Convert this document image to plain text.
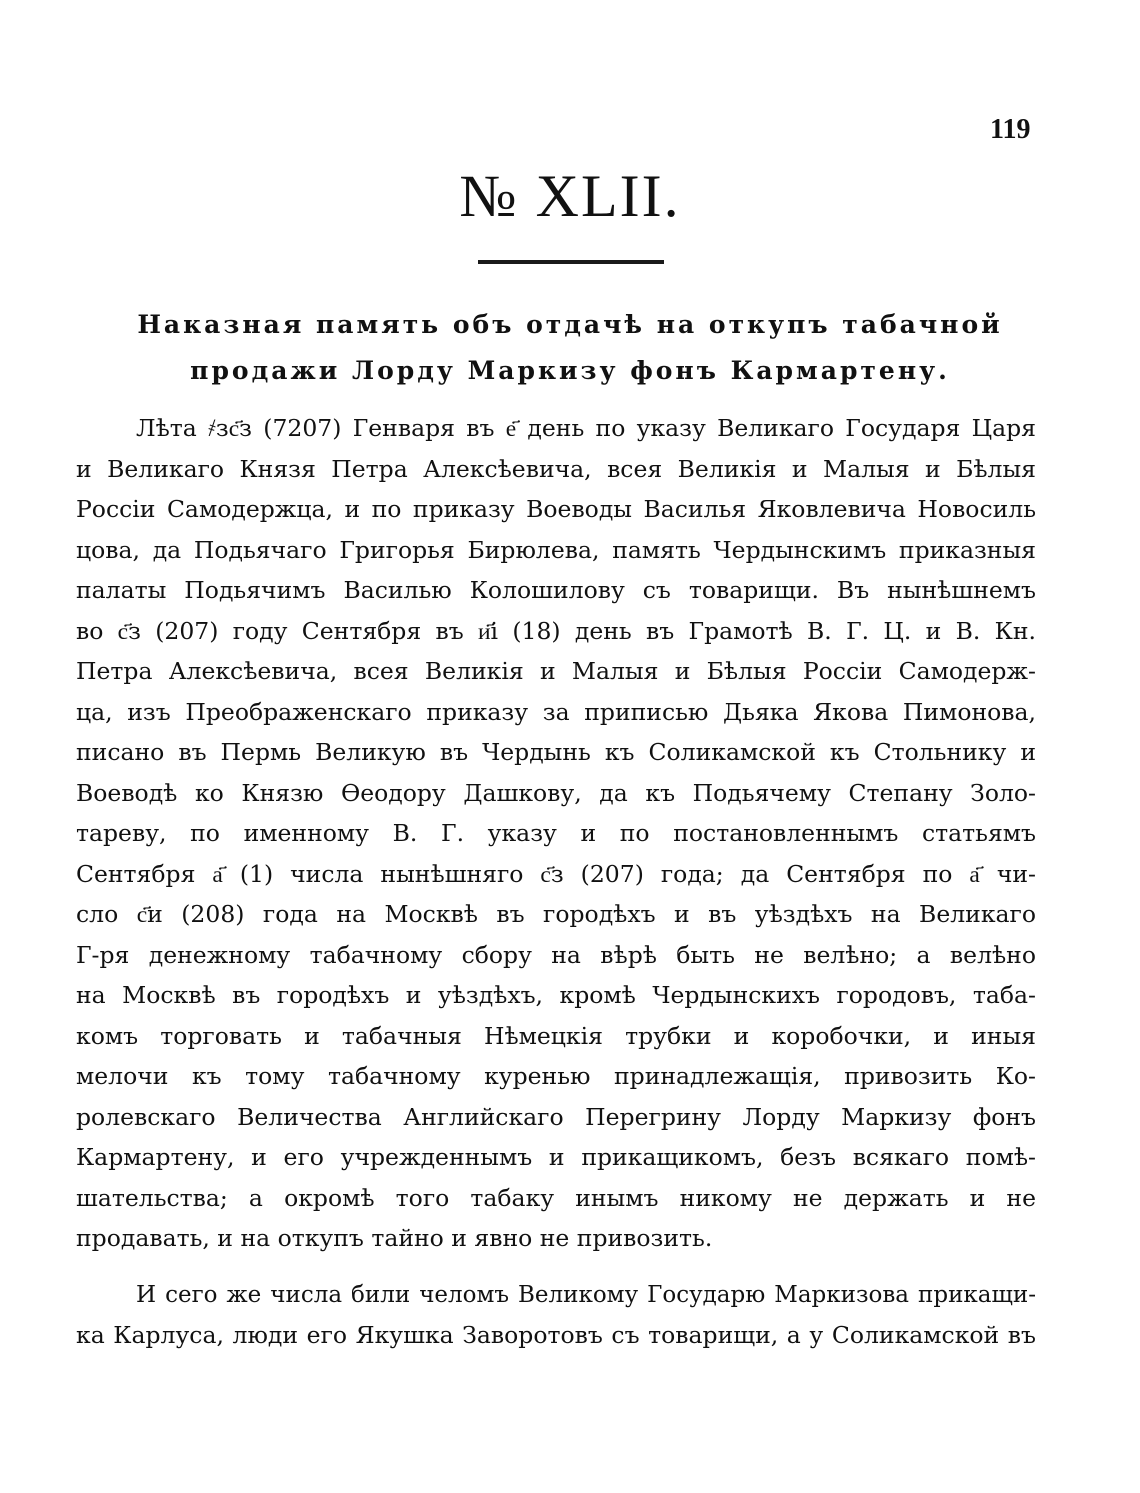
119
№ XLII.
Наказная память объ отдачѣ на откупъ табачной
продажи Лорду Маркизу фонъ Кармартену.
Лѣта ҂зс҃з (7207) Генваря въ е҃ день по указу Великаго Государя Царя
и Великаго Князя Петра Алексѣевича, всея Великія и Малыя и Бѣлыя
Россіи Самодержца, и по приказу Воеводы Василья Яковлевича Новосиль
цова, да Подьячаго Григорья Бирюлева, память Чердынскимъ приказныя
палаты Подьячимъ Василью Колошилову съ товарищи. Въ нынѣшнемъ
во с҃з (207) году Сентября въ и҃і (18) день въ Грамотѣ В. Г. Ц. и В. Кн.
Петра Алексѣевича, всея Великія и Малыя и Бѣлыя Россіи Самодерж-
ца, изъ Преображенскаго приказу за приписью Дьяка Якова Пимонова,
писано въ Пермь Великую въ Чердынь къ Соликамской къ Стольнику и
Воеводѣ ко Князю Ѳеодору Дашкову, да къ Подьячему Степану Золо-
тареву, по именному В. Г. указу и по постановленнымъ статьямъ
Сентября а҃ (1) числа нынѣшняго с҃з (207) года; да Сентября по а҃ чи-
сло с҃и (208) года на Москвѣ въ городѣхъ и въ уѣздѣхъ на Великаго
Г-ря денежному табачному сбору на вѣрѣ быть не велѣно; а велѣно
на Москвѣ въ городѣхъ и уѣздѣхъ, кромѣ Чердынскихъ городовъ, таба-
комъ торговать и табачныя Нѣмецкія трубки и коробочки, и иныя
мелочи къ тому табачному куренью принадлежащія, привозить Ко-
ролевскаго Величества Английскаго Перегрину Лорду Маркизу фонъ
Кармартену, и его учрежденнымъ и прикащикомъ, безъ всякаго помѣ-
шательства; а окромѣ того табаку инымъ никому не держать и не
продавать, и на откупъ тайно и явно не привозить.
И сего же числа били челомъ Великому Государю Маркизова прикащи-
ка Карлуса, люди его Якушка Заворотовъ съ товарищи, а у Соликамской въ
